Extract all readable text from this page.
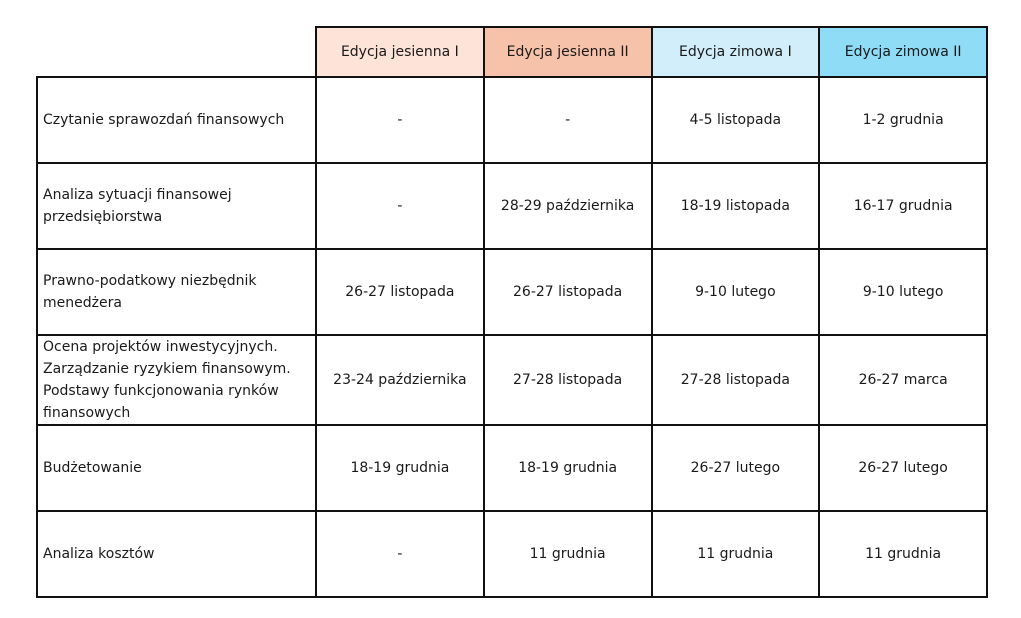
	Edycja jesienna I	Edycja jesienna II	Edycja zimowa I	Edycja zimowa II
Czytanie sprawozdań finansowych	-	-	4-5 listopada	1-2 grudnia
Analiza sytuacji finansowej przedsiębiorstwa	-	28-29 października	18-19 listopada	16-17 grudnia
Prawno-podatkowy niezbędnik menedżera	26-27 listopada	26-27 listopada	9-10 lutego	9-10 lutego
Ocena projektów inwestycyjnych. Zarządzanie ryzykiem finansowym. Podstawy funkcjonowania rynków finansowych	23-24 października	27-28 listopada	27-28 listopada	26-27 marca
Budżetowanie	18-19 grudnia	18-19 grudnia	26-27 lutego	26-27 lutego
Analiza kosztów	-	11 grudnia	11 grudnia	11 grudnia
